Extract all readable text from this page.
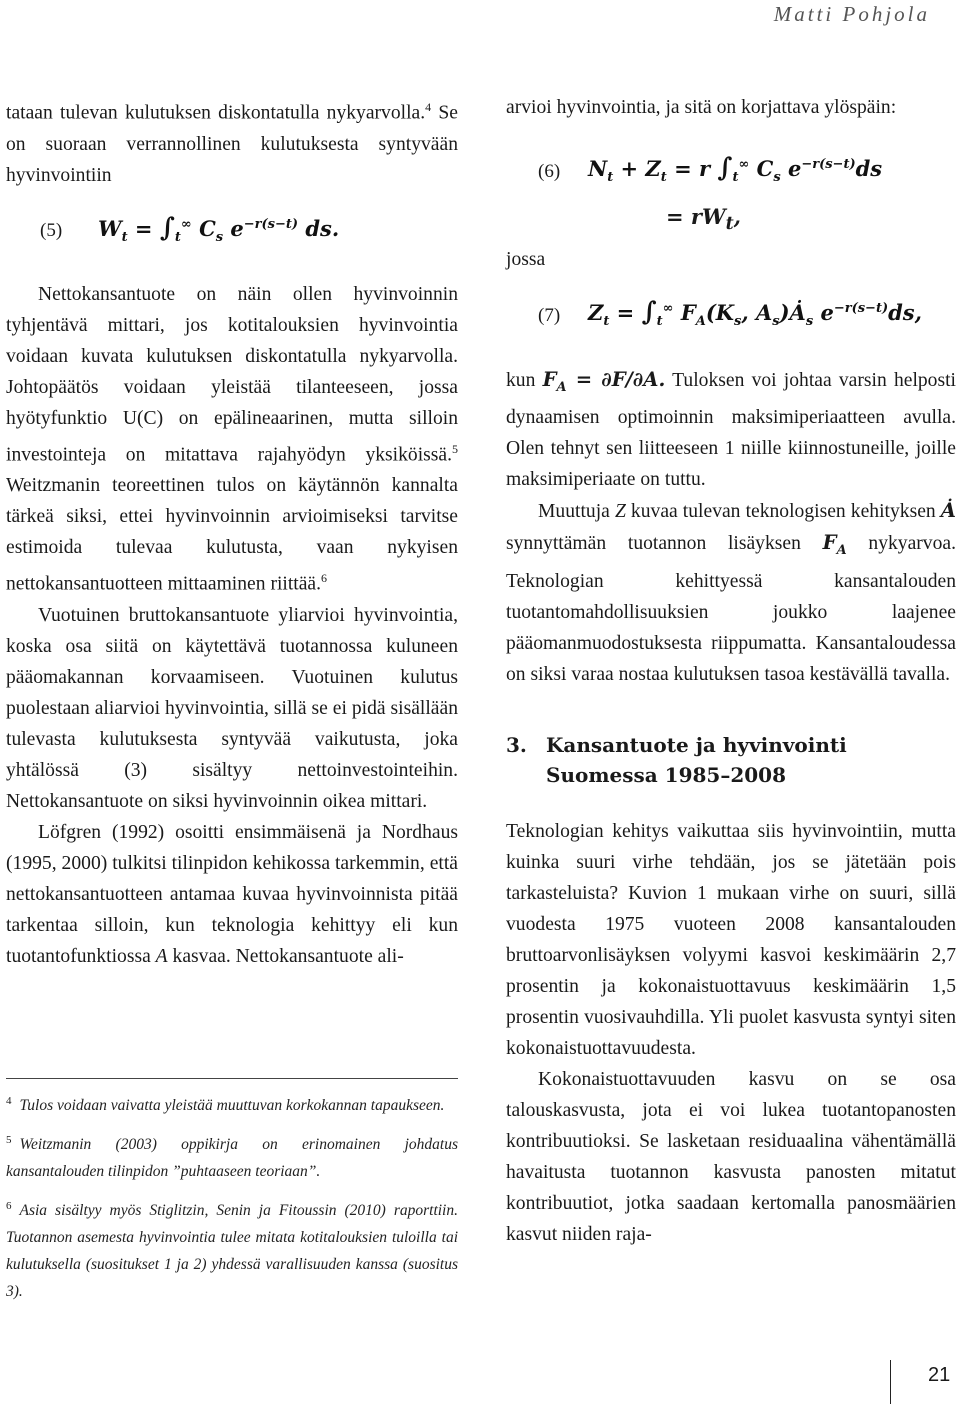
Matti Pohjola

tataan tulevan kulutuksen diskontatulla nykyarvolla.$^4$ Se on suoraan verrannollinen kulutuksesta syntyvään hyvinvointiin

(5)	$W_t = \int_t^\infty$ $C_s$ $e^{-r(s-t)}$ ds.

Nettokansantuote on näin ollen hyvinvoinnin tyhjentävä mittari, jos kotitalouksien hyvinvointia voidaan kuvata kulutuksen diskontatulla nykyarvolla. Johtopäätös voidaan yleistää tilanteeseen, jossa hyötyfunktio U(C) on epälineaarinen, mutta silloin investointeja on mitattava rajahyödyn yksiköissä.$^5$ Weitzmanin teoreettinen tulos on käytännön kannalta tärkeä siksi, ettei hyvinvoinnin arvioimiseksi tarvitse estimoida tulevaa kulutusta, vaan nykyisen nettokansantuotteen mittaaminen riittää.$^6$

Vuotuinen bruttokansantuote yliarvioi hyvinvointia, koska osa siitä on käytettävä tuotannossa kuluneen pääomakannan korvaamiseen. Vuotuinen kulutus puolestaan aliarvioi hyvinvointia, sillä se ei pidä sisällään tulevasta kulutuksesta syntyvää vaikutusta, joka yhtälössä (3) sisältyy nettoinvestointeihin. Nettokansantuote on siksi hyvinvoinnin oikea mittari.

Löfgren (1992) osoitti ensimmäisenä ja Nordhaus (1995, 2000) tulkitsi tilinpidon kehikossa tarkemmin, että nettokansantuotteen antamaa kuvaa hyvinvoinnista pitää tarkentaa silloin, kun teknologia kehittyy eli kun tuotantofunktiossa A kasvaa. Nettokansantuote ali-

$^4$ Tulos voidaan vaivatta yleistää muuttuvan korkokannan tapaukseen.

$^5$ Weitzmanin (2003) oppikirja on erinomainen johdatus kansantalouden tilinpidon ”puhtaaseen teoriaan”.

$^6$ Asia sisältyy myös Stiglitzin, Senin ja Fitoussin (2010) raporttiin. Tuotannon asemesta hyvinvointia tulee mitata kotitalouksien tuloilla tai kulutuksella (suositukset 1 ja 2) yhdessä varallisuuden kanssa (suositus 3).

arvioi hyvinvointia, ja sitä on korjattava ylöspäin:

(6)	$N_t + Z_t = r$ $\int_t^\infty$ $C_s$ $e^{-r(s-t)}ds$
= $rW_t$,

jossa

(7)	$Z_t = \int_t^\infty$ $F_A(K_s$, $A_s)Ȧ_s$ $e^{-r(s-t)}ds$,

kun $F_A = \partial F/\partial A$. Tuloksen voi johtaa varsin helposti dynaamisen optimoinnin maksimiperiaatteen avulla. Olen tehnyt sen liitteeseen 1 niille kiinnostuneille, joille maksimiperiaate on tuttu.

Muuttuja Z kuvaa tulevan teknologisen kehityksen Ȧ synnyttämän tuotannon lisäyksen $F_A$ nykyarvoa. Teknologian kehittyessä kansantalouden tuotantomahdollisuuksien joukko laajenee pääomanmuodostuksesta riippumatta. Kansantaloudessa on siksi varaa nostaa kulutuksen tasoa kestävällä tavalla.

3. Kansantuote ja hyvinvointi
Suomessa 1985–2008

Teknologian kehitys vaikuttaa siis hyvinvointiin, mutta kuinka suuri virhe tehdään, jos se jätetään pois tarkasteluista? Kuvion 1 mukaan virhe on suuri, sillä vuodesta 1975 vuoteen 2008 kansantalouden bruttoarvonlisäyksen volyymi kasvoi keskimäärin 2,7 prosentin ja kokonaistuottavuus keskimäärin 1,5 prosentin vuosivauhdilla. Yli puolet kasvusta syntyi siten kokonaistuottavuudesta.

Kokonaistuottavuuden kasvu on se osa talouskasvusta, jota ei voi lukea tuotantopanosten kontribuutioksi. Se lasketaan residuaalina vähentämällä havaitusta tuotannon kasvusta panosten mitatut kontribuutiot, jotka saadaan kertomalla panosmäärien kasvut niiden raja-

21
